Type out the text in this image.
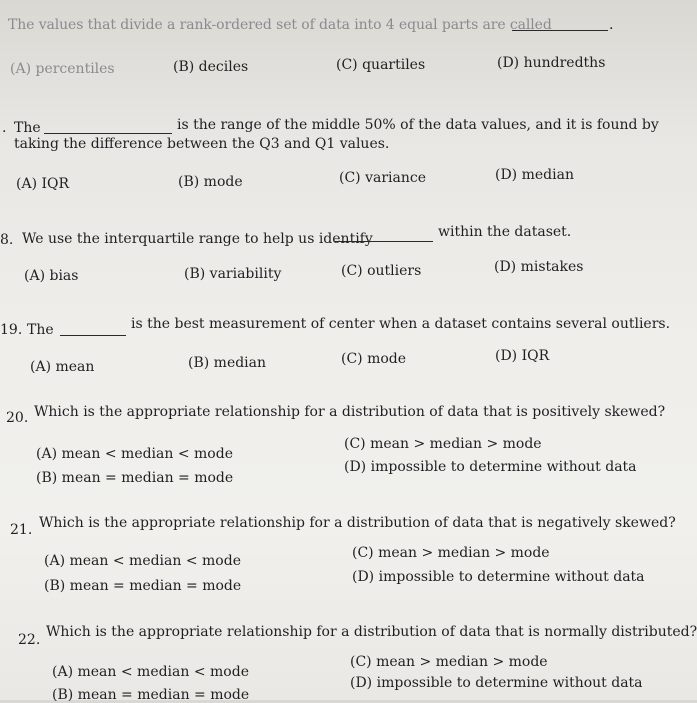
The values that divide a rank-ordered set of data into 4 equal parts are called	.
(A) percentiles	(B) deciles	(C) quartiles	(D) hundredths
. The	is the range of the middle 50% of the data values, and it is found by
taking the difference between the Q3 and Q1 values.
(A) IQR	(B) mode	(C) variance	(D) median
8. We use the interquartile range to help us identify	within the dataset.
(A) bias	(B) variability	(C) outliers	(D) mistakes
19. The	is the best measurement of center when a dataset contains several outliers.
(A) mean	(B) median	(C) mode	(D) IQR
20. Which is the appropriate relationship for a distribution of data that is positively skewed?
(A) mean < median < mode
(B) mean = median = mode
(C) mean > median > mode
(D) impossible to determine without data
21. Which is the appropriate relationship for a distribution of data that is negatively skewed?
(A) mean < median < mode
(B) mean = median = mode
(C) mean > median > mode
(D) impossible to determine without data
22. Which is the appropriate relationship for a distribution of data that is normally distributed?
(A) mean < median < mode
(B) mean = median = mode
(C) mean > median > mode
(D) impossible to determine without data
